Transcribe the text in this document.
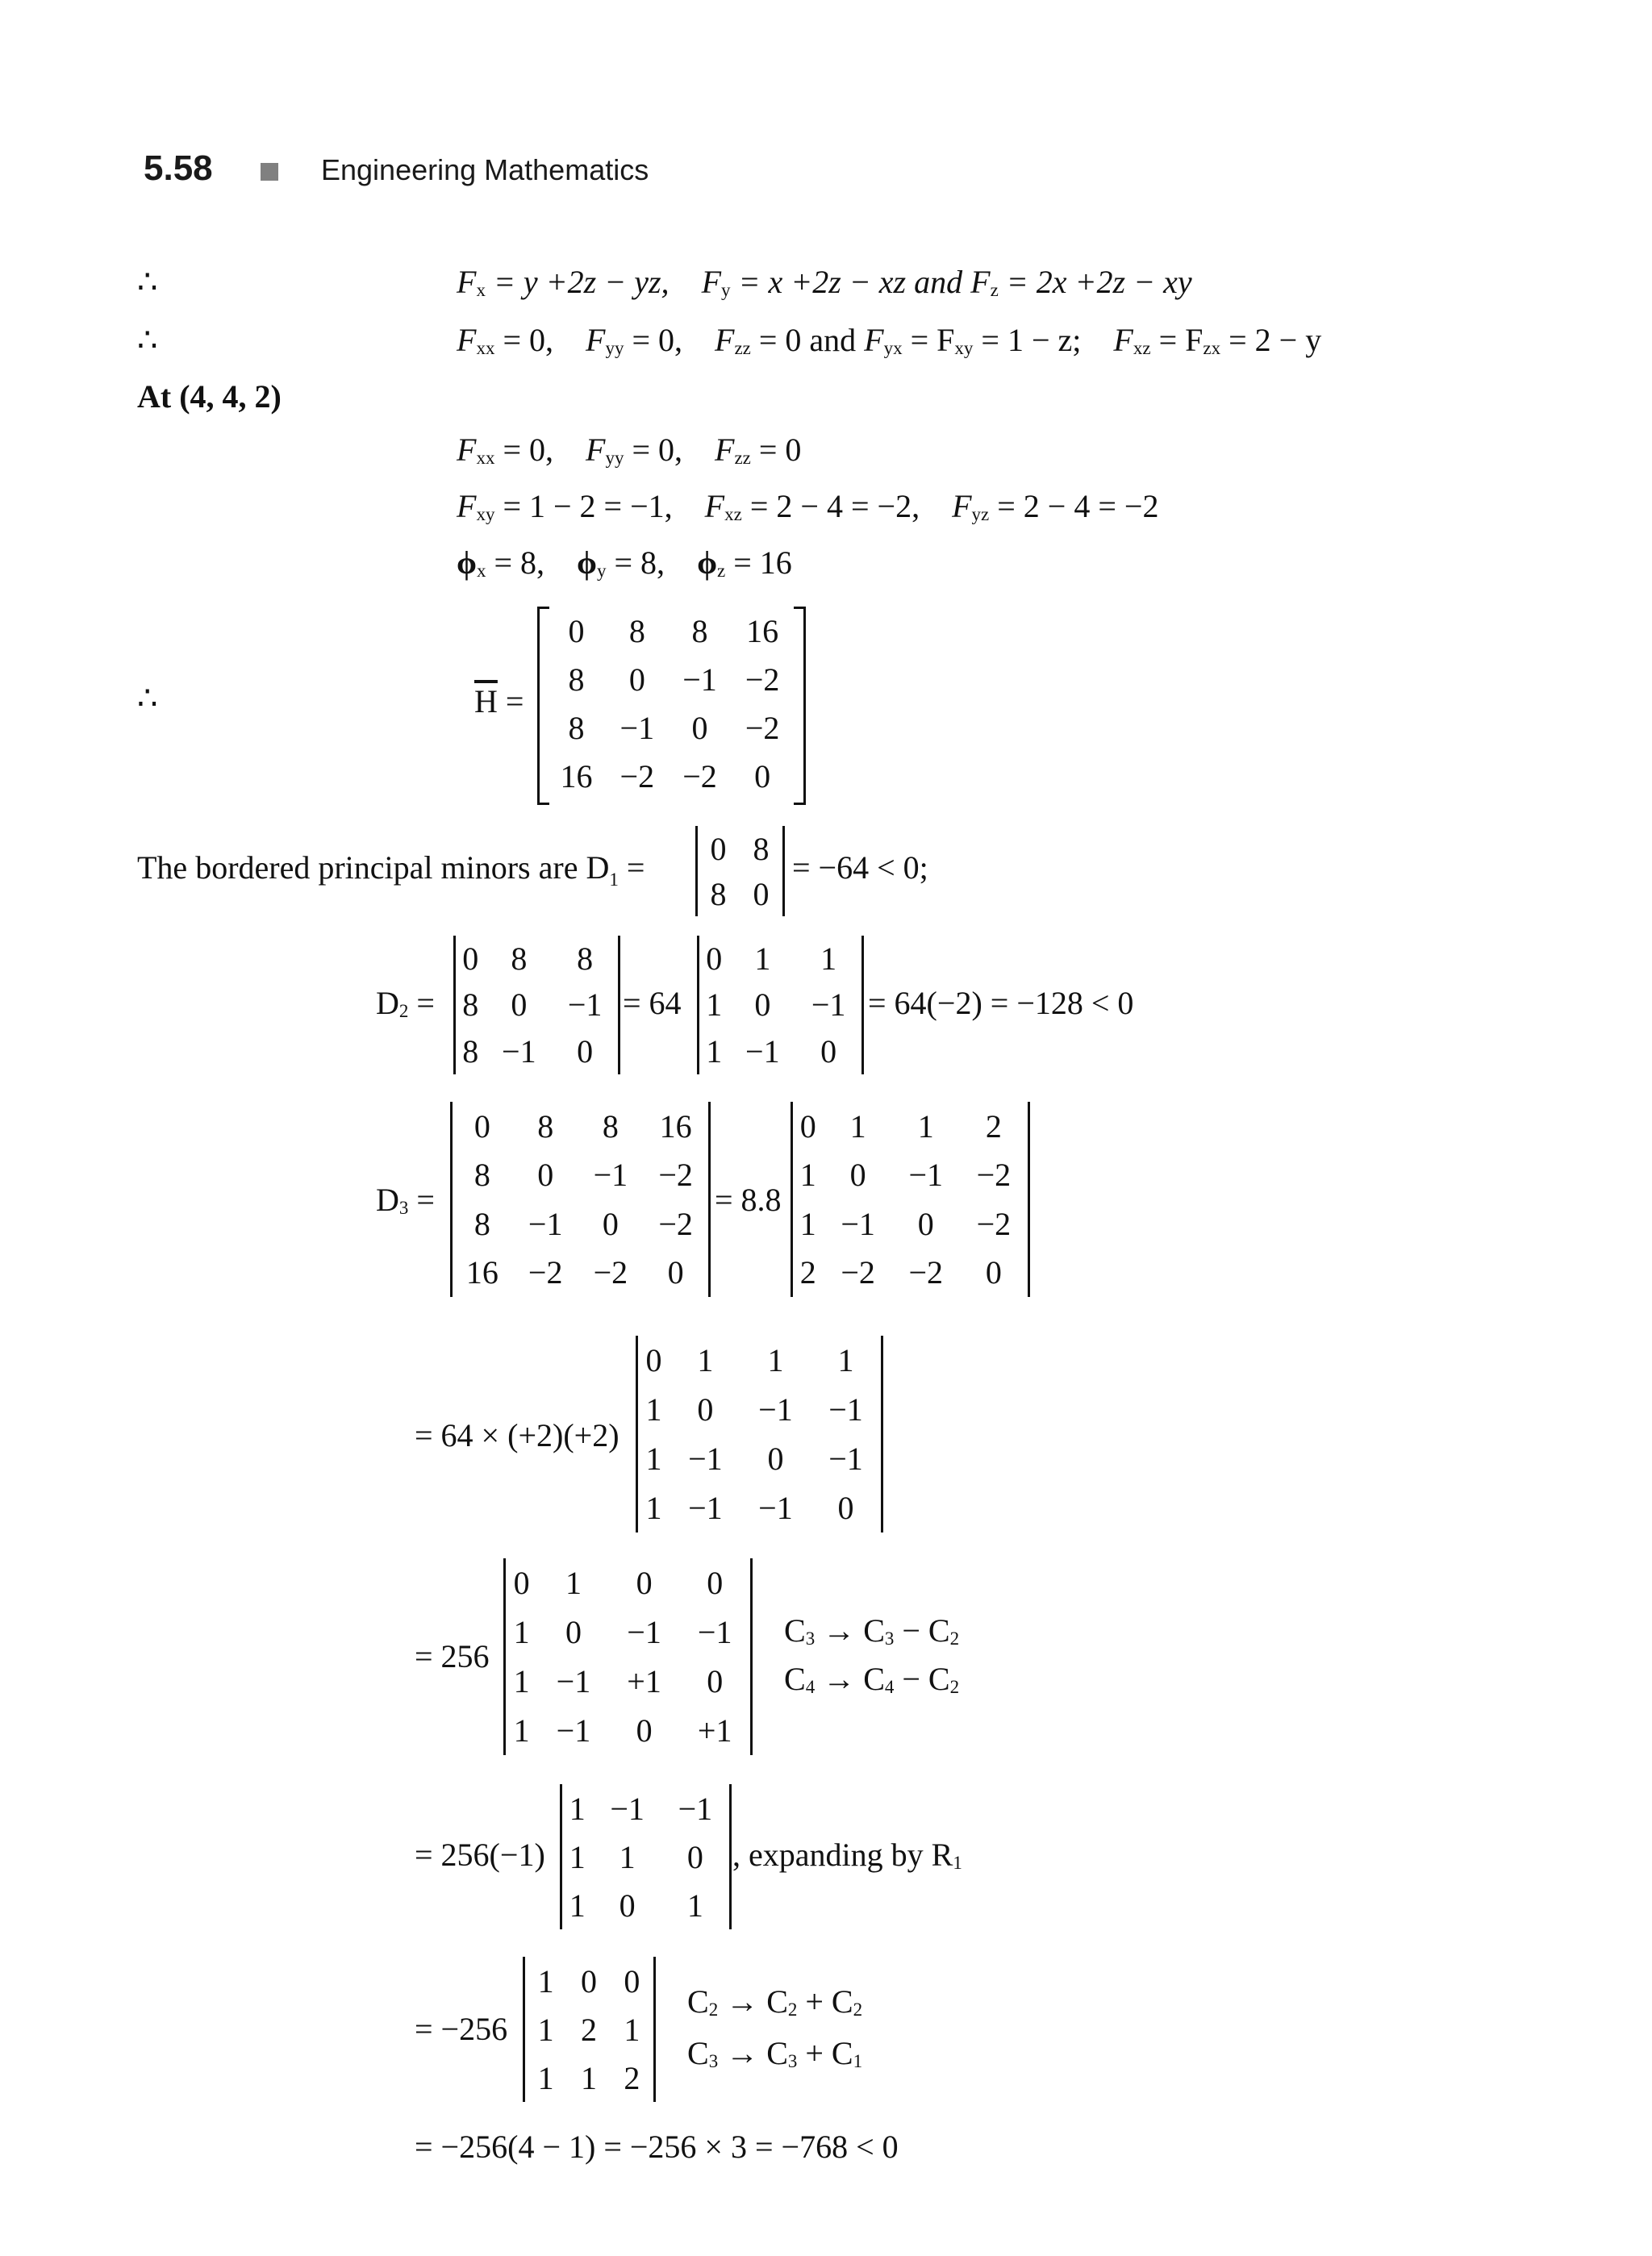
5.58	Engineering Mathematics
∴	$F_x = y +2z$ − yz, $F_y = x +2z$ − xz and $F_z = 2x +2z$ − xy
∴	$F_{xx} = 0$, $F_{yy} = 0$, $F_{zz} = 0$ and $F_{yx} = F_{xy} = 1 - z$; $F_{xz} = F_{zx} = 2 - y$
At (4, 4, 2)
$F_{xx} = 0$, $F_{yy} = 0$, $F_{zz} = 0$
$F_{xy} = 1 - 2 = -1$, $F_{xz} = 2 - 4 = -2$, $F_{yz} = 2 - 4 = -2$
$\phi_x = 8$, $\phi_y = 8$, $\phi_z = 16$
∴	$\overline{H}$ =
0	8	8	16
8	0	−1	−2
8	−1	0	−2
16	−2	−2	0
The bordered principal minors are $D_1$ =
0	8
8	0
= −64 < 0;
$D_2$ =
0	8	8
8	0	−1
8	−1	0
= 64
0	1	1
1	0	−1
1	−1	0
= 64(−2) = −128 < 0
$D_3$ =
0	8	8	16
8	0	−1	−2
8	−1	0	−2
16	−2	−2	0
= 8.8
0	1	1	2
1	0	−1	−2
1	−1	0	−2
2	−2	−2	0
= 64 × (+2)(+2)
0	1	1	1
1	0	−1	−1
1	−1	0	−1
1	−1	−1	0
= 256
0	1	0	0
1	0	−1	−1
1	−1	+1	0
1	−1	0	+1
$C_3 \to C_3 - C_2$
$C_4 \to C_4 - C_2$
= 256(−1)
1	−1	−1
1	1	0
1	0	1
, expanding by $R_1$
= −256
1	0	0
1	2	1
1	1	2
$C_2 \to C_2 + C_2$
$C_3 \to C_3 + C_1$
= −256(4 − 1) = −256 × 3 = −768 < 0
